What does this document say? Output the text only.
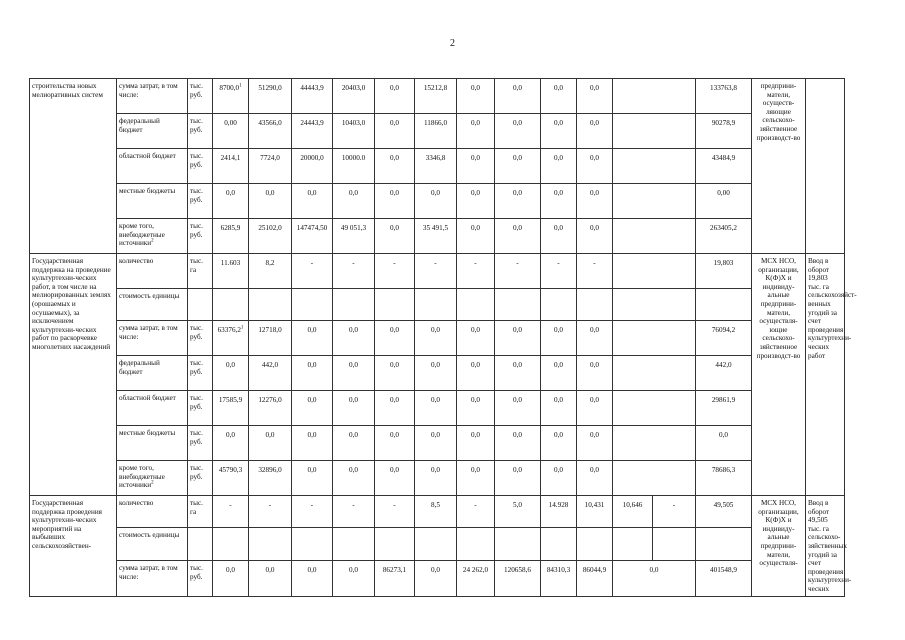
2
строительства новых мелиоративных систем	сумма затрат, в том числе:	тыс. руб.	8700,0$^1$	51290,0	44443,9	20403,0	0,0	15212,8	0,0	0,0	0,0	0,0			133763,8	предприни-матели, осуществ-ляющие сельскохо-зяйственное производст-во	
	федеральный бюджет	тыс. руб.	0,00	43566,0	24443,9	10403,0	0,0	11866,0	0,0	0,0	0,0	0,0			90278,9		
	областной бюджет	тыс. руб.	2414,1	7724,0	20000,0	10000.0	0,0	3346,8	0,0	0,0	0,0	0,0			43484,9		
	местные бюджеты	тыс. руб.	0,0	0,0	0,0	0,0	0,0	0,0	0,0	0,0	0,0	0,0			0,00		
	кроме того, внебюджетные источники$^2$	тыс. руб.	6285,9	25102,0	147474,50	49 051,3	0,0	35 491,5	0,0	0,0	0,0	0,0			263405,2		
Государственная поддержка на проведение культуртехни-ческих работ, в том числе на мелиорированных землях (орошаемых и осушаемых), за исключением культуртехни-ческих работ по раскорчевке многолетних насаждений	количество	тыс. га	11.603	8,2	-	-	-	-	-	-	-	-			19,803	МСХ НСО, организации, К(Ф)Х и индивиду-альные предприни-матели, осуществля-ющие сельскохо-зяйственное производст-во	Ввод в оборот 19,803 тыс. га сельскохозяйст-венных угодий за счет проведения культуртехни-ческих работ
	стоимость единицы																
	сумма затрат, в том числе:	тыс. руб.	63376,2$^1$	12718,0	0,0	0,0	0,0	0,0	0,0	0,0	0,0	0,0			76094,2		
	федеральный бюджет	тыс. руб.	0,0	442,0	0,0	0,0	0,0	0,0	0,0	0,0	0,0	0,0			442,0		
	областной бюджет	тыс. руб.	17585,9	12276,0	0,0	0,0	0,0	0,0	0,0	0,0	0,0	0,0			29861,9		
	местные бюджеты	тыс. руб.	0,0	0,0	0,0	0,0	0,0	0,0	0,0	0,0	0,0	0,0			0,0		
	кроме того, внебюджетные источники$^2$	тыс. руб.	45790,3	32896,0	0,0	0,0	0,0	0,0	0,0	0,0	0,0	0,0			78686,3		
Государственная поддержка проведения культуртехни-ческих мероприятий на выбывших сельскохозяйствен-	количество	тыс. га	-	-	-	-	-	8,5	-	5,0	14.928	10,431	10,646	-	49,505	МСХ НСО, организации, К(Ф)Х и индивиду-альные предприни-матели, осуществля-	Ввод в оборот 49,505 тыс. га сельскохо-зяйственных угодий за счет проведения культуртехни-ческих
	стоимость единицы																
	сумма затрат, в том числе:	тыс. руб.	0,0	0,0	0,0	0,0	86273,1	0,0	24 262,0	120658,6	84310,3	86044,9	0,0		401548,9		
